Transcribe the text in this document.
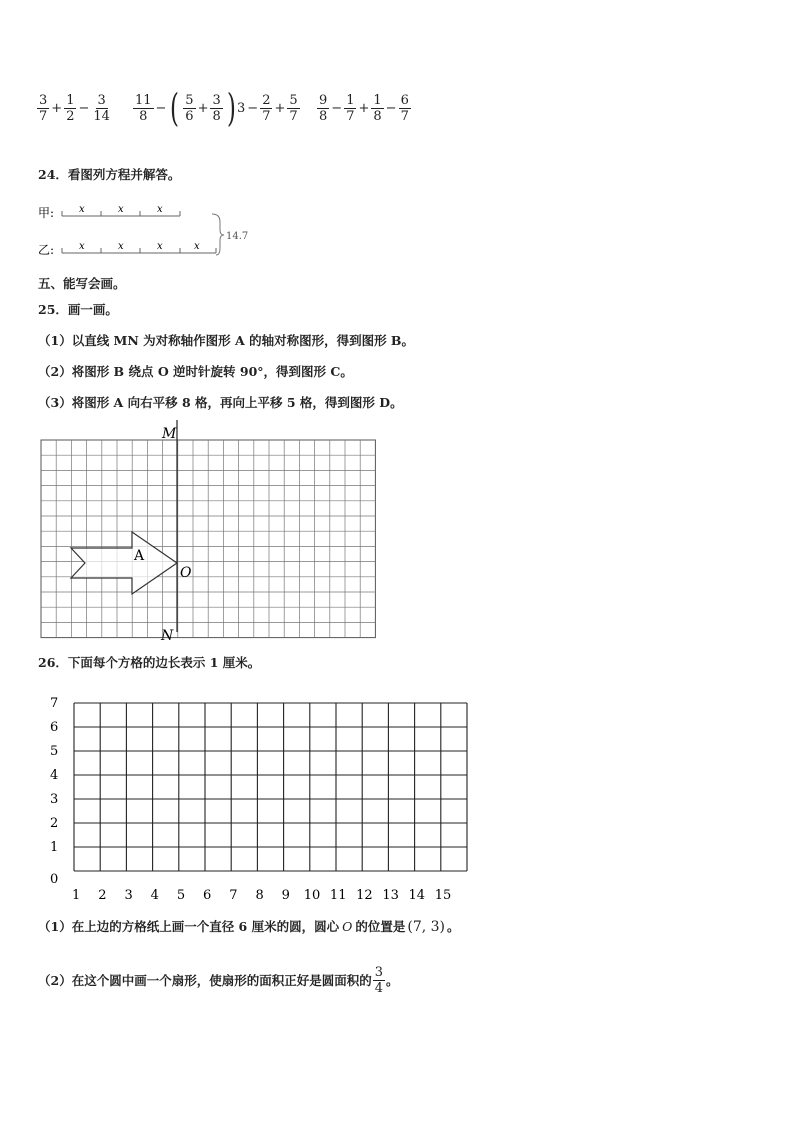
$\frac{3}{7} + \frac{1}{2} - \frac{3}{14} \frac{11}{8}$ − ( $\frac{5}{6} + \frac{3}{8}$ ) $3 - \frac{2}{7} + \frac{5}{7} \frac{9}{8} - \frac{1}{7} + \frac{1}{8} - \frac{6}{7}$
24．看图列方程并解答。
甲: x	x	x
乙: x	x	x	x
14.7
五、能写会画。
25．画一画。
（1）以直线 MN 为对称轴作图形 A 的轴对称图形，得到图形 B。
（2）将图形 B 绕点 O 逆时针旋转 90°，得到图形 C。
（3）将图形 A 向右平移 8 格，再向上平移 5 格，得到图形 D。
M
N
O
A
26．下面每个方格的边长表示 1 厘米。
7
6
5
4
3
2
1
0
1 2 3 4 5 6 7 8 9 10 11 12 13 14 15
（1）在上边的方格纸上画一个直径 6 厘米的圆，圆心 O 的位置是 (7, 3) 。
（2）在这个圆中画一个扇形，使扇形的面积正好是圆面积的 $\frac{3}{4}$ 。
